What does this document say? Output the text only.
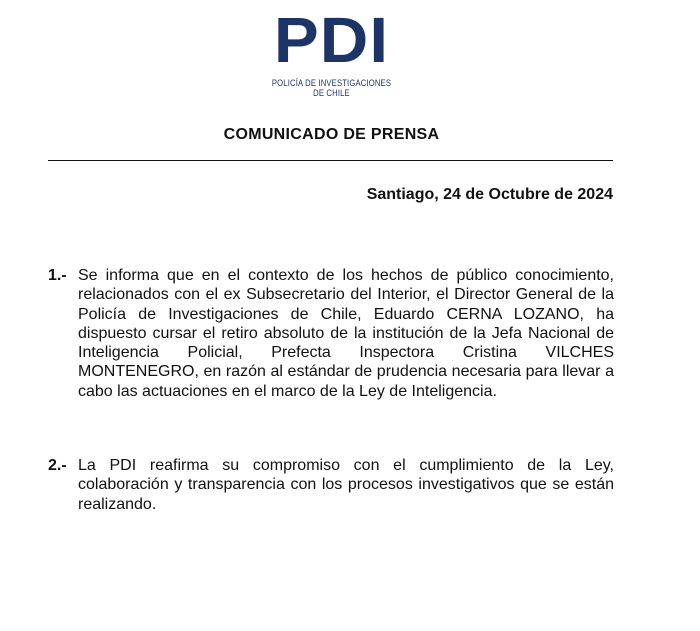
PDI
POLICÍA DE INVESTIGACIONES
DE CHILE
COMUNICADO DE PRENSA
Santiago, 24 de Octubre de 2024
1.- Se informa que en el contexto de los hechos de público conocimiento, relacionados con el ex Subsecretario del Interior, el Director General de la Policía de Investigaciones de Chile, Eduardo CERNA LOZANO, ha dispuesto cursar el retiro absoluto de la institución de la Jefa Nacional de Inteligencia Policial, Prefecta Inspectora Cristina VILCHES MONTENEGRO, en razón al estándar de prudencia necesaria para llevar a cabo las actuaciones en el marco de la Ley de Inteligencia.
2.- La PDI reafirma su compromiso con el cumplimiento de la Ley, colaboración y transparencia con los procesos investigativos que se están realizando.
